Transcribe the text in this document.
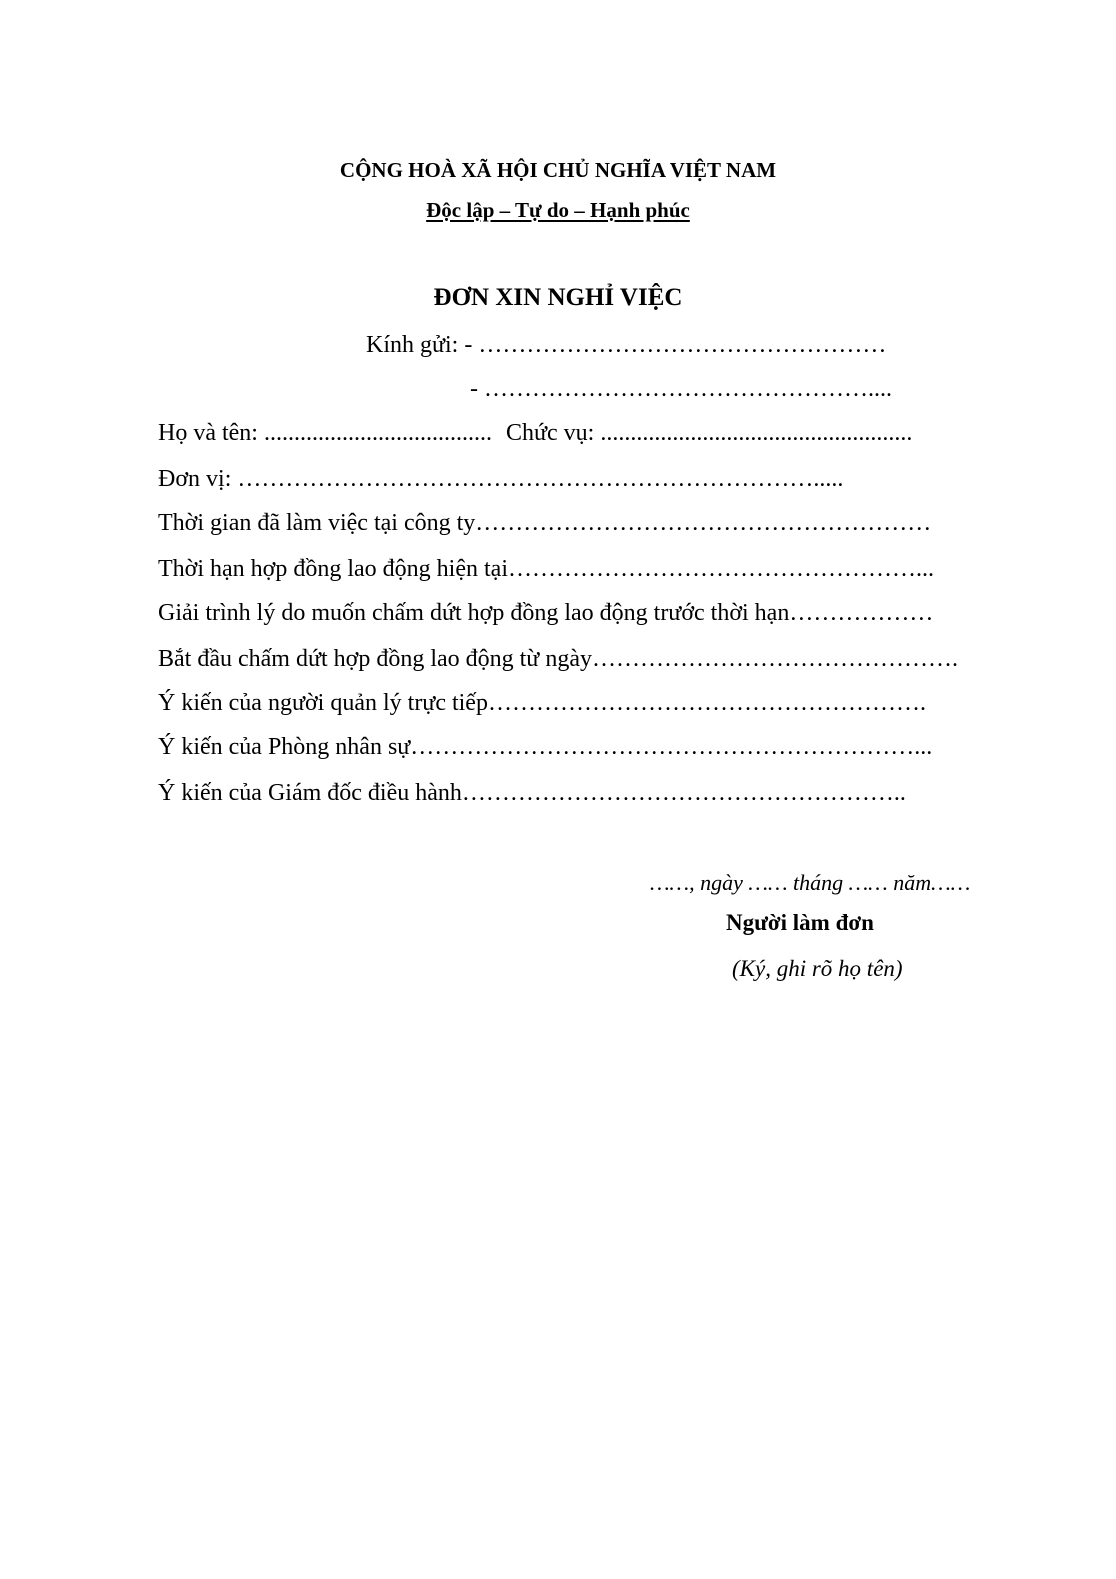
CỘNG HOÀ XÃ HỘI CHỦ NGHĨA VIỆT NAM
Độc lập – Tự do – Hạnh phúc
ĐƠN XIN NGHỈ VIỆC
Kính gửi: - ……………………………………………
- …………………………………………....
Họ và tên: ...................................... Chức vụ: ....................................................
Đơn vị: ……………………………………………………………….....
Thời gian đã làm việc tại công ty…………………………………………………
Thời hạn hợp đồng lao động hiện tại……………………………………………...
Giải trình lý do muốn chấm dứt hợp đồng lao động trước thời hạn………………
Bắt đầu chấm dứt hợp đồng lao động từ ngày……………………………………….
Ý kiến của người quản lý trực tiếp……………………………………………….
Ý kiến của Phòng nhân sự………………………………………………………...
Ý kiến của Giám đốc điều hành………………………………………………..
……, ngày …… tháng …… năm……
Người làm đơn
(Ký, ghi rõ họ tên)
